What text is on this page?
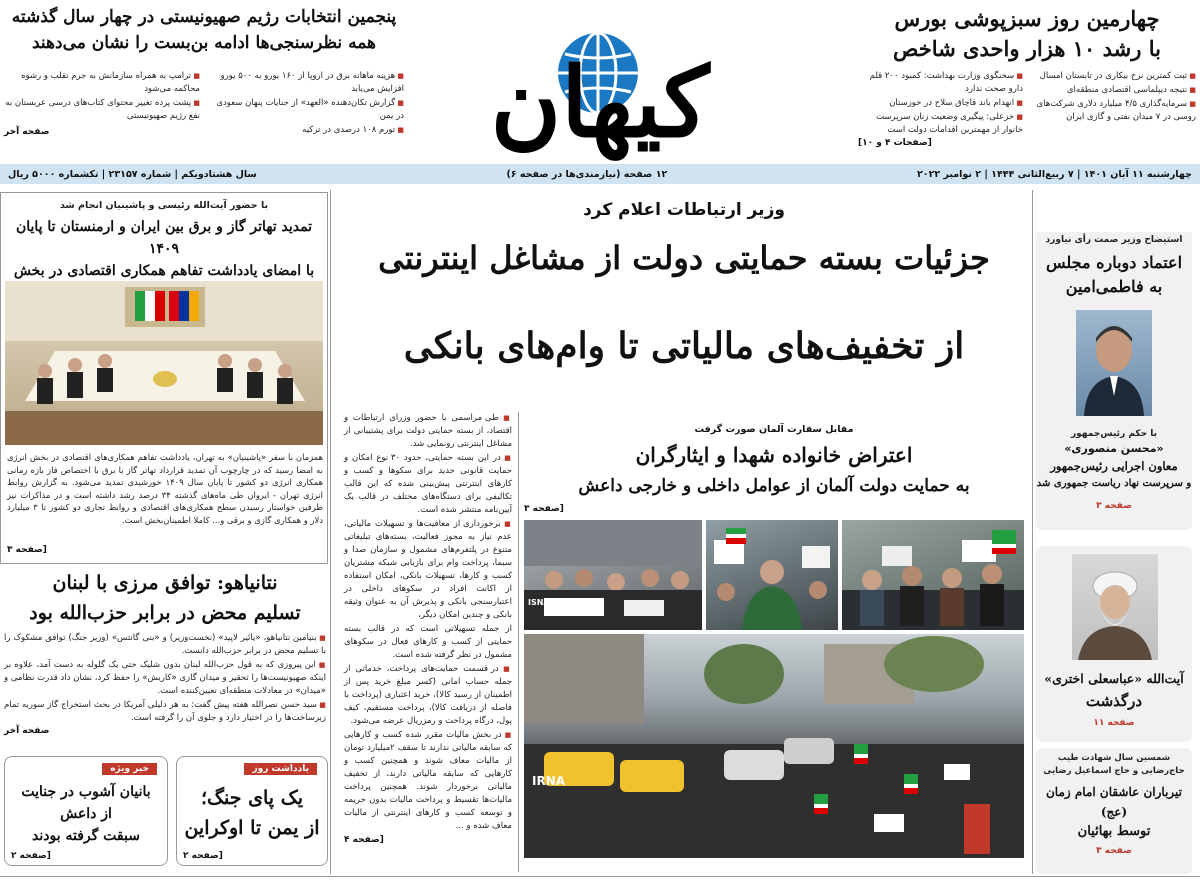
چهارمین روز سبزپوشی بورس
با رشد ۱۰ هزار واحدی شاخص

■ ثبت کمترین نرخ بیکاری در تابستان امسال

■ نتیجه دیپلماسی اقتصادی منطقه‌ای

■ سرمایه‌گذاری ۴/۵ میلیارد دلاری شرکت‌های روسی در ۷ میدان نفتی و گازی ایران

■ سخنگوی وزارت بهداشت: کمبود ۲۰۰ قلم دارو صحت ندارد

■ انهدام باند قاچاق سلاح در خوزستان

■ خزعلی: پیگیری وضعیت زنان سرپرست خانوار از مهمترین اقدامات دولت است

[صفحات ۴ و ۱۰]

کیهان
پنجمین انتخابات رژیم صهیونیستی در چهار سال گذشته
همه نظرسنجی‌ها ادامه بن‌بست را نشان می‌دهند

■ هزینه ماهانه برق در اروپا از ۱۶۰ یورو به ۵۰۰ یورو افزایش می‌یابد

■ گزارش تکان‌دهنده «العهد» از جنایات پنهان سعودی در یمن

■ تورم ۱۰۸ درصدی در ترکیه

■ ترامپ به همراه سازمانش به جرم تقلب و رشوه محاکمه می‌شود

■ پشت پرده تغییر محتوای کتاب‌های درسی عربستان به نفع رژیم صهیونیستی

صفحه آخر

چهارشنبه ۱۱ آبان ۱۴۰۱ | ۷ ربیع‌الثانی ۱۴۴۴ | ۲ نوامبر ۲۰۲۲
۱۲ صفحه (نیازمندی‌ها در صفحه ۶)
سال هشتادویکم | شماره ۲۳۱۵۷ | تکشماره ۵۰۰۰ ریال
استیضاح وزیر صمت رأی نیاورد
اعتماد دوباره مجلس
به فاطمی‌امین
با حکم رئیس‌جمهور
«محسن منصوری»
معاون اجرایی رئیس‌جمهور
و سرپرست نهاد ریاست جمهوری شد
صفحه ۳
آیت‌الله «عباسعلی اختری»
درگذشت
صفحه ۱۱
شمسین سال شهادت طیب حاج‌رضایی و حاج اسماعیل رضایی
تیرباران عاشقان امام زمان (عج)
توسط بهائیان
صفحه ۳
وزیر ارتباطات اعلام کرد
جزئیات بسته حمایتی دولت از مشاغل اینترنتی
از تخفیف‌های مالیاتی تا وام‌های بانکی

■ طی مراسمی با حضور وزرای ارتباطات و اقتصاد، از بسته حمایتی دولت برای پشتیبانی از مشاغل اینترنتی رونمایی شد.

■ در این بسته حمایتی، حدود ۳۰ نوع امکان و حمایت قانونی جدید برای سکوها و کسب و کارهای اینترنتی پیش‌بینی شده که این قالب تکالیفی برای دستگاه‌های مختلف در قالب یک آیین‌نامه منتشر شده است.

■ برخورداری از معافیت‌ها و تسهیلات مالیاتی، عدم نیاز به مجوز فعالیت، بسته‌های تبلیغاتی متنوع در پلتفرم‌های مشمول و سازمان صدا و سیما، پرداخت وام برای بازیابی شبکه مشتریان کسب و کارها، تسهیلات بانکی، امکان استفاده از اکانت افراد در سکوهای داخلی در اعتبارسنجی بانکی و پذیرش آن به عنوان وثیقه بانکی و چندین امکان دیگر،

از جمله تسهیلاتی است که در قالب بسته حمایتی از کسب و کارهای فعال در سکوهای مشمول در نظر گرفته شده است.

■ در قسمت حمایت‌های پرداخت، خدماتی از جمله حساب امانی (کسر مبلغ خرید پس از اطمینان از رسید کالا)، خرید اعتباری (پرداخت با فاصله از دریافت کالا)، پرداخت مستقیم، کیف پول، درگاه پرداخت و رمزریال عرضه می‌شود.

■ در بخش مالیات مقرر شده کسب و کارهایی که سابقه مالیاتی ندارند تا سقف ۲میلیارد تومان از مالیات معاف شوند و همچنین کسب و کارهایی که سابقه مالیاتی دارند، از تخفیف مالیاتی برخوردار شوند. همچنین پرداخت مالیات‌ها تقسیط و پرداخت مالیات بدون جریمه و توسعه کسب و کارهای اینترنتی از مالیات معاف شده و ...

[صفحه ۴

مقابل سفارت آلمان صورت گرفت
اعتراض خانواده شهدا و ایثارگران
به حمایت دولت آلمان از عوامل داخلی و خارجی داعش
[صفحه ۳
ISNA PHOTO
IRNA
با حضور آیت‌الله رئیسی و پاشینیان انجام شد
تمدید تهاتر گاز و برق بین ایران و ارمنستان تا پایان ۱۴۰۹
با امضای یادداشت تفاهم همکاری اقتصادی در بخش
همزمان با سفر «پاشینیان» به تهران، یادداشت تفاهم همکاری‌های اقتصادی در بخش انرژی به امضا رسید که در چارچوب آن تمدید قرارداد تهاتر گاز با برق با اختصاص فاز بازه زمانی همکاری انرژی دو کشور تا پایان سال ۱۴۰۹ خورشیدی تمدید می‌شود. به گزارش روابط انرژی تهران - ایروان طی ماه‌های گذشته ۳۴ درصد رشد داشته است و در مذاکرات نیز طرفین خواستار رسیدن سطح همکاری‌های اقتصادی و روابط تجاری دو کشور تا ۳ میلیارد دلار و همکاری گازی و برقی و... کاملا اطمینان‌بخش است.
[صفحه ۳
نتانیاهو: توافق مرزی با لبنان
تسلیم محض در برابر حزب‌الله بود

■ بنیامین نتانیاهو، «یائیر لاپید» (نخست‌وزیر) و «بنی گانتس» (وزیر جنگ) توافق مشکوک را با تسلیم محض در برابر حزب‌الله دانست.

■ این پیروزی که به قول حزب‌الله لبنان بدون شلیک حتی یک گلوله به دست آمد، علاوه بر اینکه صهیونیست‌ها را تحقیر و میدان گازی «کاریش» را حفظ کرد، نشان داد قدرت نظامی و «میدان» در معادلات منطقه‌ای تعیین‌کننده است.

■ سید حسن نصرالله هفته پیش گفت: به هر دلیلی آمریکا در بحث استخراج گاز سوریه تمام زیرساخت‌ها را در اختیار دارد و جلوی آن را گرفته است.

صفحه آخر

یادداشت روز
یک پای جنگ؛
از یمن تا اوکراین
[صفحه ۲
خبر ویژه
بانیان آشوب در جنایت
از داعش
سبقت گرفته بودند
[صفحه ۲
